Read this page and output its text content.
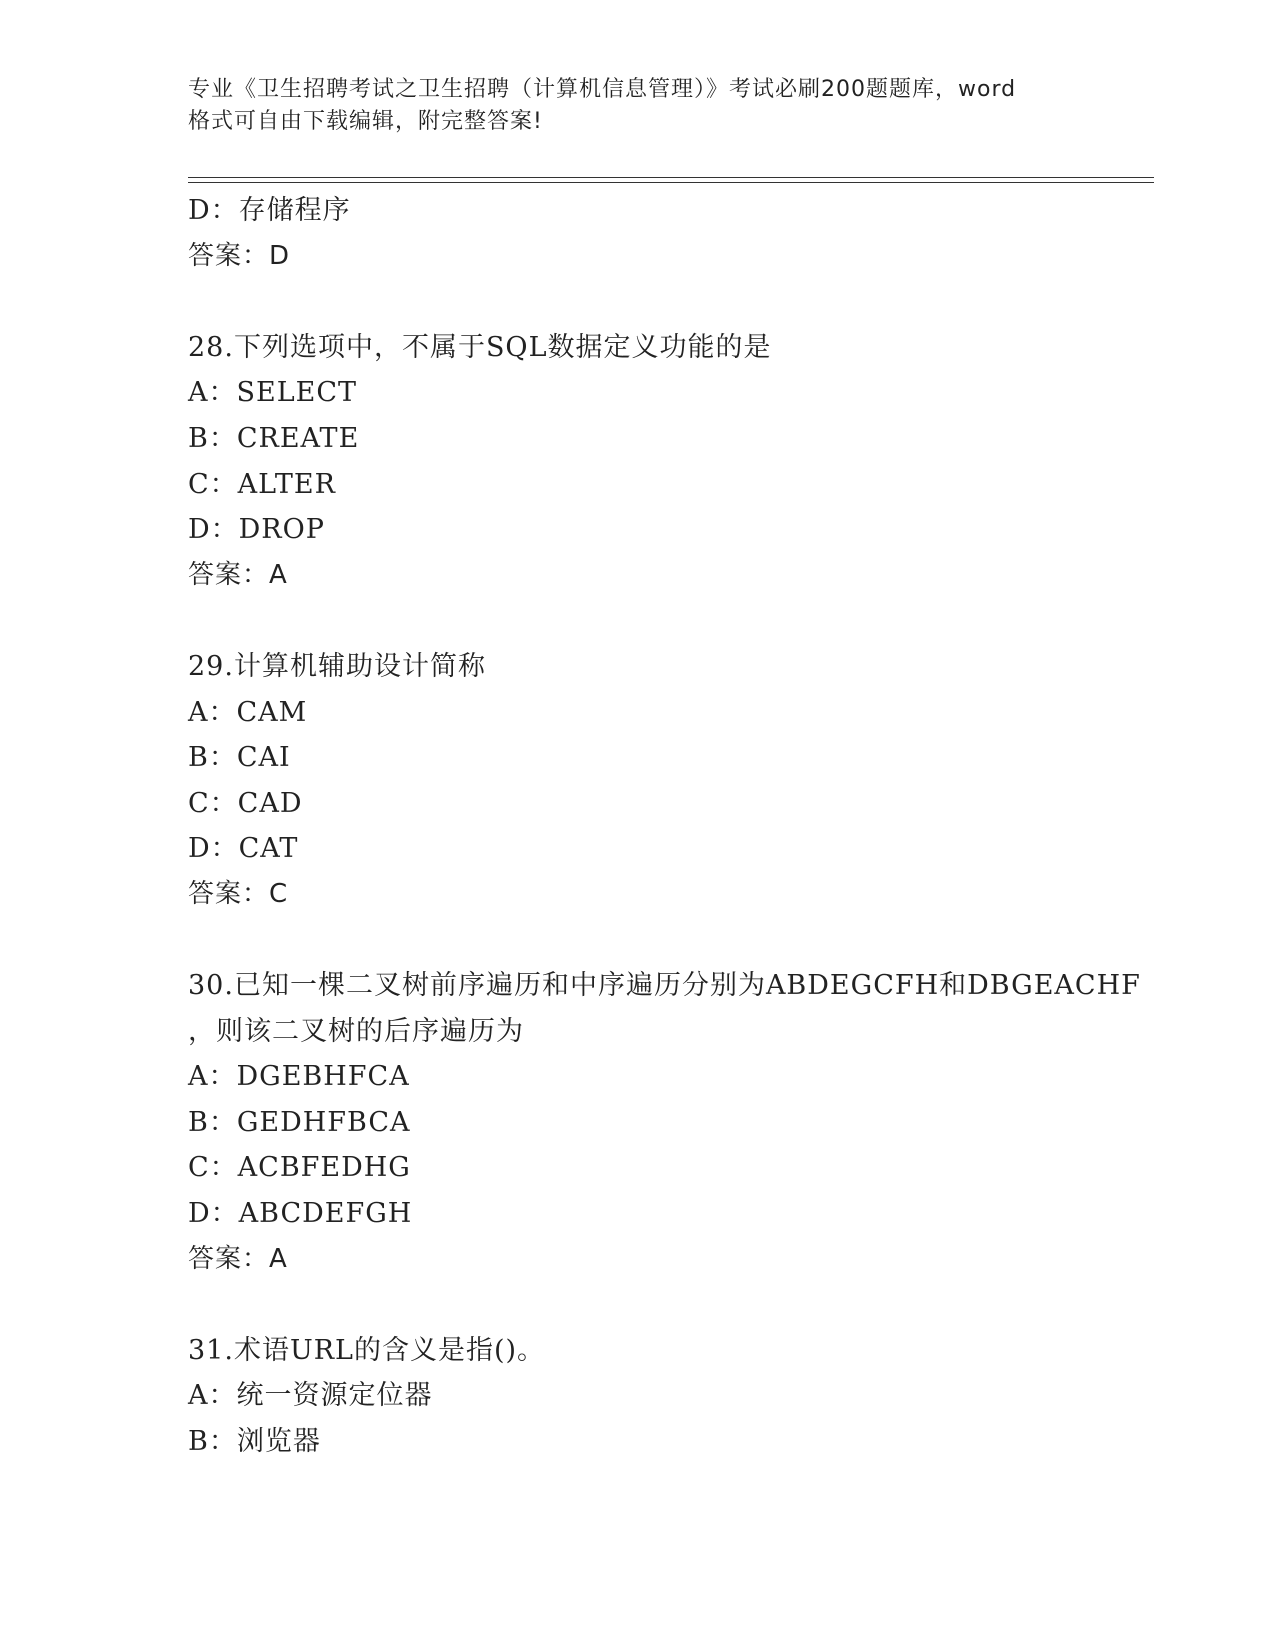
专业《卫生招聘考试之卫生招聘（计算机信息管理）》考试必刷200题题库，word
格式可自由下载编辑，附完整答案!
D：存储程序
答案：D
28.下列选项中，不属于SQL数据定义功能的是
A：SELECT
B：CREATE
C：ALTER
D：DROP
答案：A
29.计算机辅助设计简称
A：CAM
B：CAI
C：CAD
D：CAT
答案：C
30.已知一棵二叉树前序遍历和中序遍历分别为ABDEGCFH和DBGEACHF
，则该二叉树的后序遍历为
A：DGEBHFCA
B：GEDHFBCA
C：ACBFEDHG
D：ABCDEFGH
答案：A
31.术语URL的含义是指()。
A：统一资源定位器
B：浏览器
